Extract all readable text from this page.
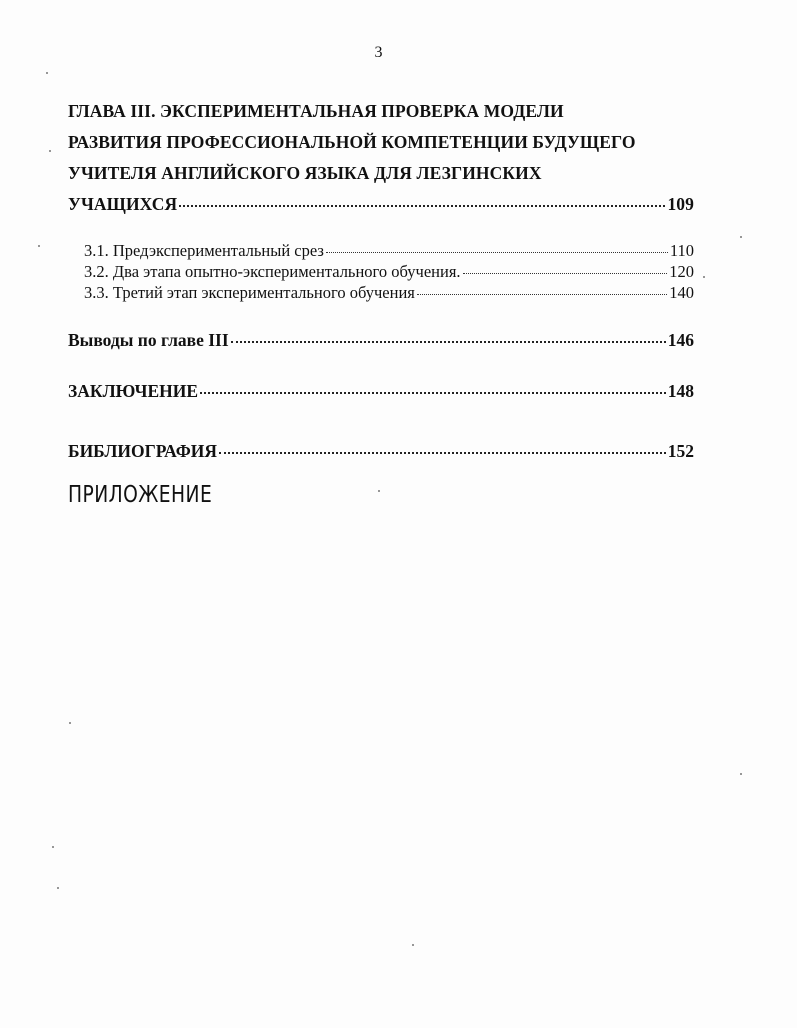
3
ГЛАВА III. ЭКСПЕРИМЕНТАЛЬНАЯ ПРОВЕРКА МОДЕЛИ
РАЗВИТИЯ ПРОФЕССИОНАЛЬНОЙ КОМПЕТЕНЦИИ БУДУЩЕГО
УЧИТЕЛЯ АНГЛИЙСКОГО ЯЗЫКА ДЛЯ ЛЕЗГИНСКИХ
УЧАЩИХСЯ	109
3.1. Предэкспериментальный срез	110
3.2. Два этапа опытно-экспериментального обучения.	120
3.3. Третий этап экспериментального обучения	140
Выводы по главе III	146
ЗАКЛЮЧЕНИЕ	148
БИБЛИОГРАФИЯ	152
ПРИЛОЖЕНИЕ
